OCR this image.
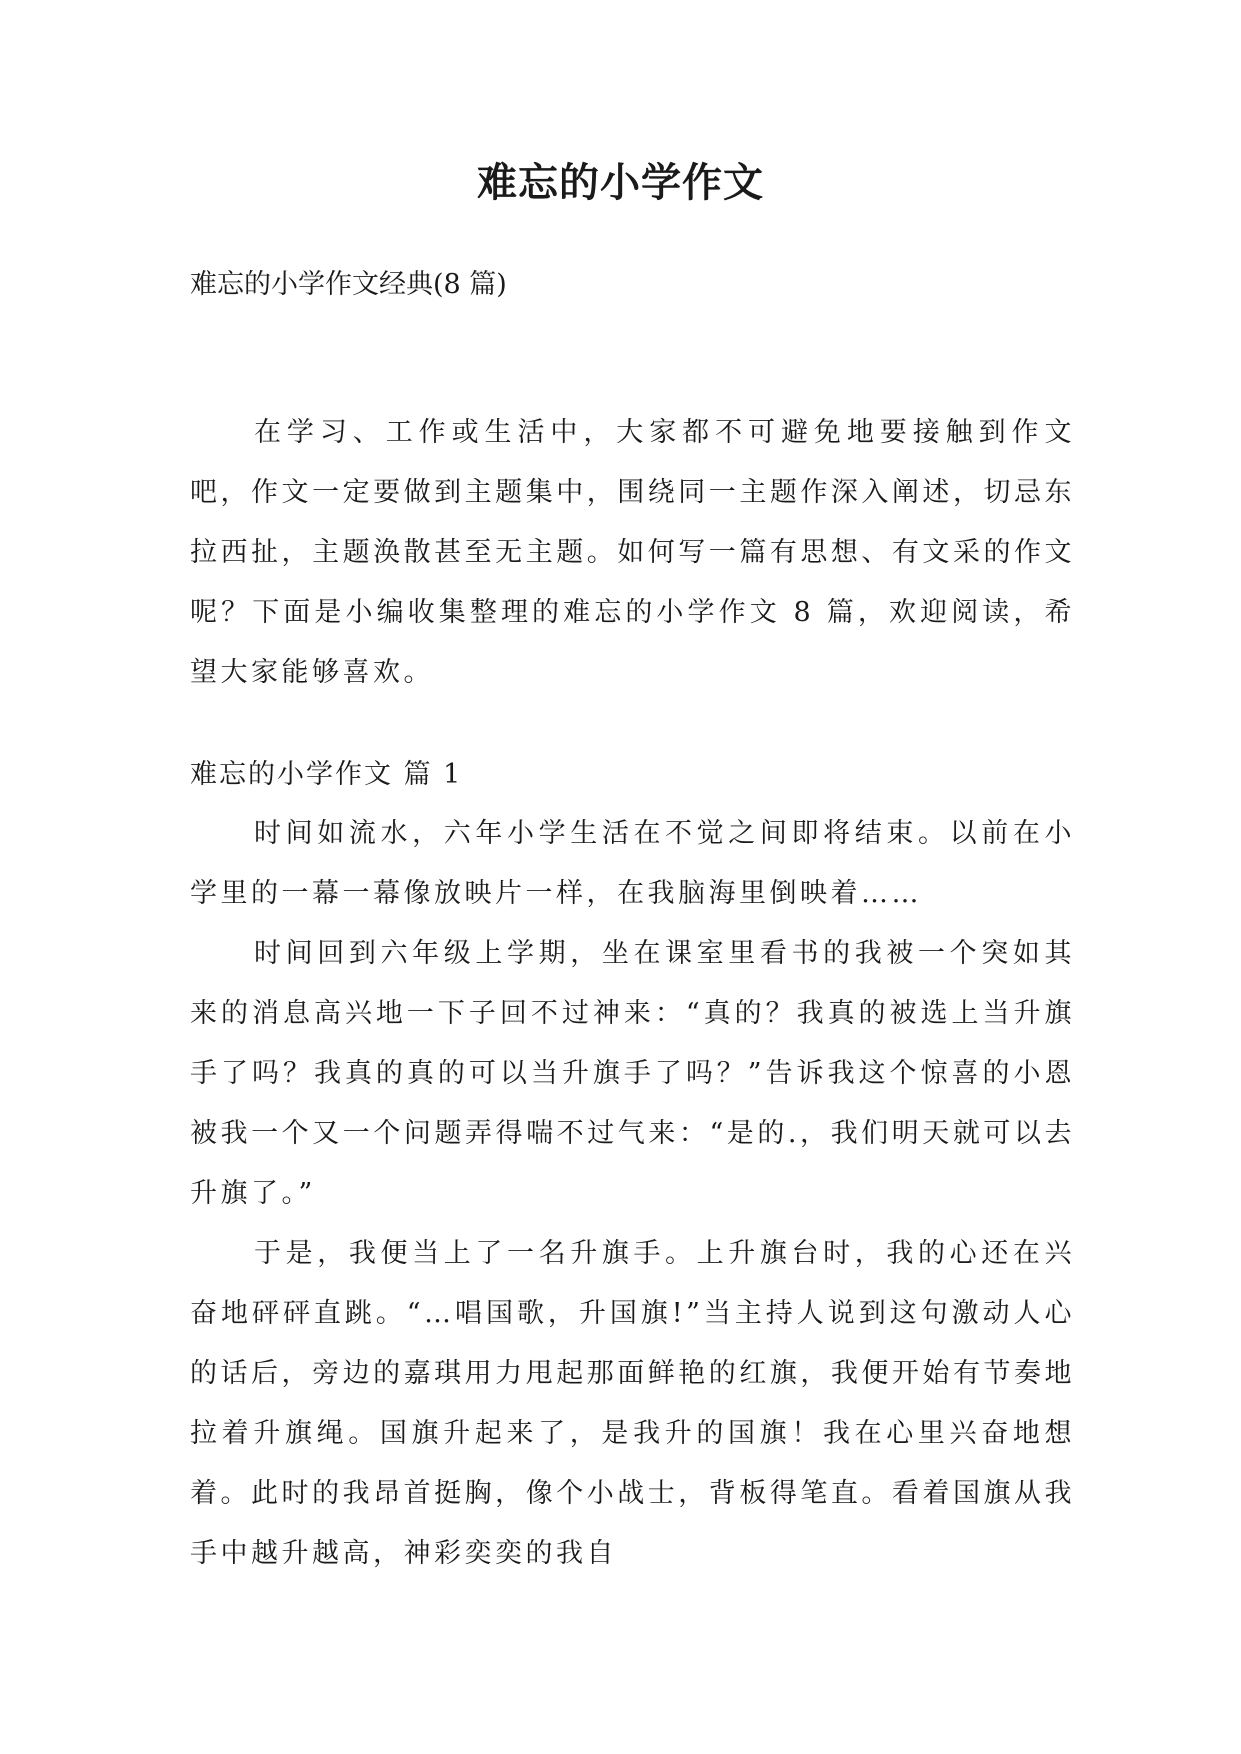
难忘的小学作文
难忘的小学作文经典(8 篇)

在学习、工作或生活中，大家都不可避免地要接触到作文吧，作文一定要做到主题集中，围绕同一主题作深入阐述，切忌东拉西扯，主题涣散甚至无主题。如何写一篇有思想、有文采的作文呢？下面是小编收集整理的难忘的小学作文 8 篇，欢迎阅读，希望大家能够喜欢。

难忘的小学作文 篇 1

时间如流水，六年小学生活在不觉之间即将结束。以前在小学里的一幕一幕像放映片一样，在我脑海里倒映着……

时间回到六年级上学期，坐在课室里看书的我被一个突如其来的消息高兴地一下子回不过神来：“真的？我真的被选上当升旗手了吗？我真的真的可以当升旗手了吗？”告诉我这个惊喜的小恩被我一个又一个问题弄得喘不过气来：“是的.，我们明天就可以去升旗了。”

于是，我便当上了一名升旗手。上升旗台时，我的心还在兴奋地砰砰直跳。“…唱国歌，升国旗!”当主持人说到这句激动人心的话后，旁边的嘉琪用力甩起那面鲜艳的红旗，我便开始有节奏地拉着升旗绳。国旗升起来了，是我升的国旗！我在心里兴奋地想着。此时的我昂首挺胸，像个小战士，背板得笔直。看着国旗从我手中越升越高，神彩奕奕的我自
